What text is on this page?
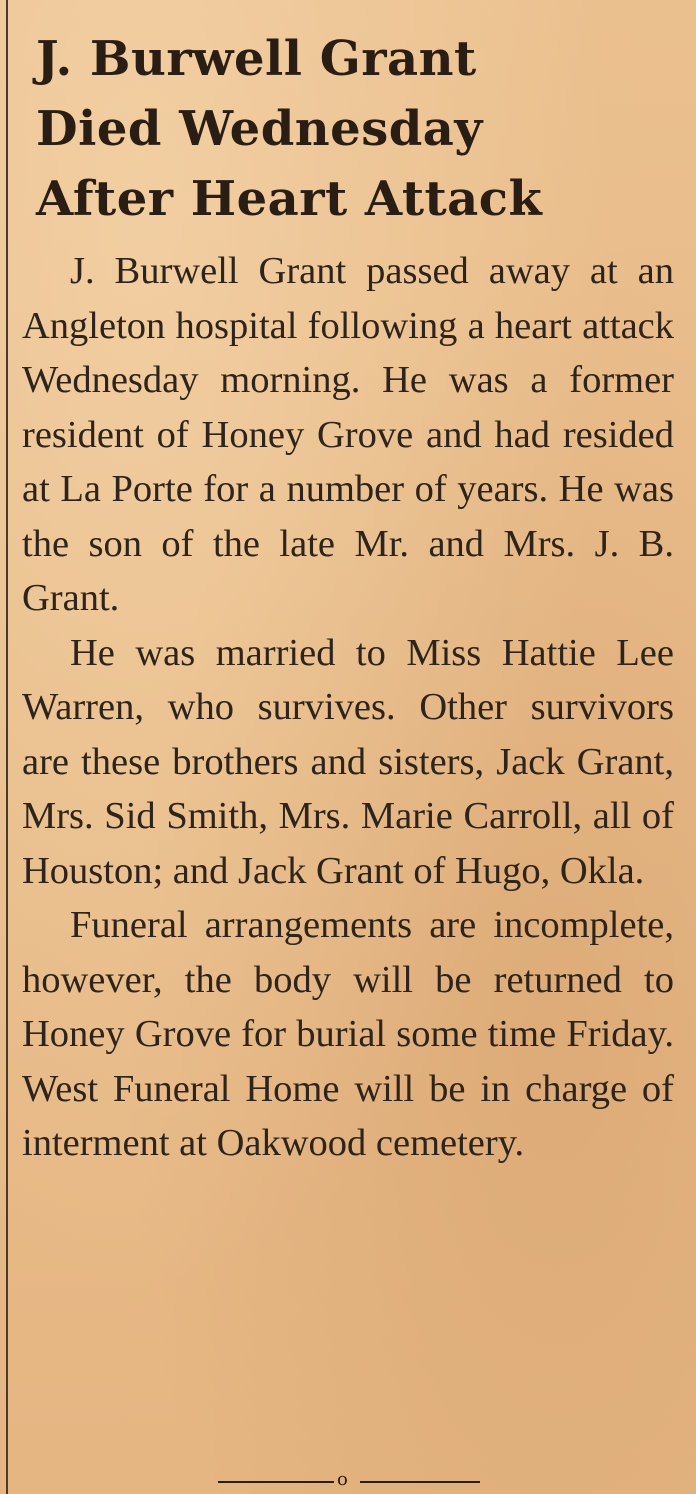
J. Burwell Grant
Died Wednesday
After Heart Attack

J. Burwell Grant passed away at an Angleton hospital following a heart attack Wednesday morning. He was a former resident of Honey Grove and had resided at La Porte for a number of years. He was the son of the late Mr. and Mrs. J. B. Grant.

He was married to Miss Hattie Lee Warren, who survives. Other survivors are these brothers and sisters, Jack Grant, Mrs. Sid Smith, Mrs. Marie Carroll, all of Houston; and Jack Grant of Hugo, Okla.

Funeral arrangements are incomplete, however, the body will be returned to Honey Grove for burial some time Friday. West Funeral Home will be in charge of interment at Oakwood cemetery.

o
